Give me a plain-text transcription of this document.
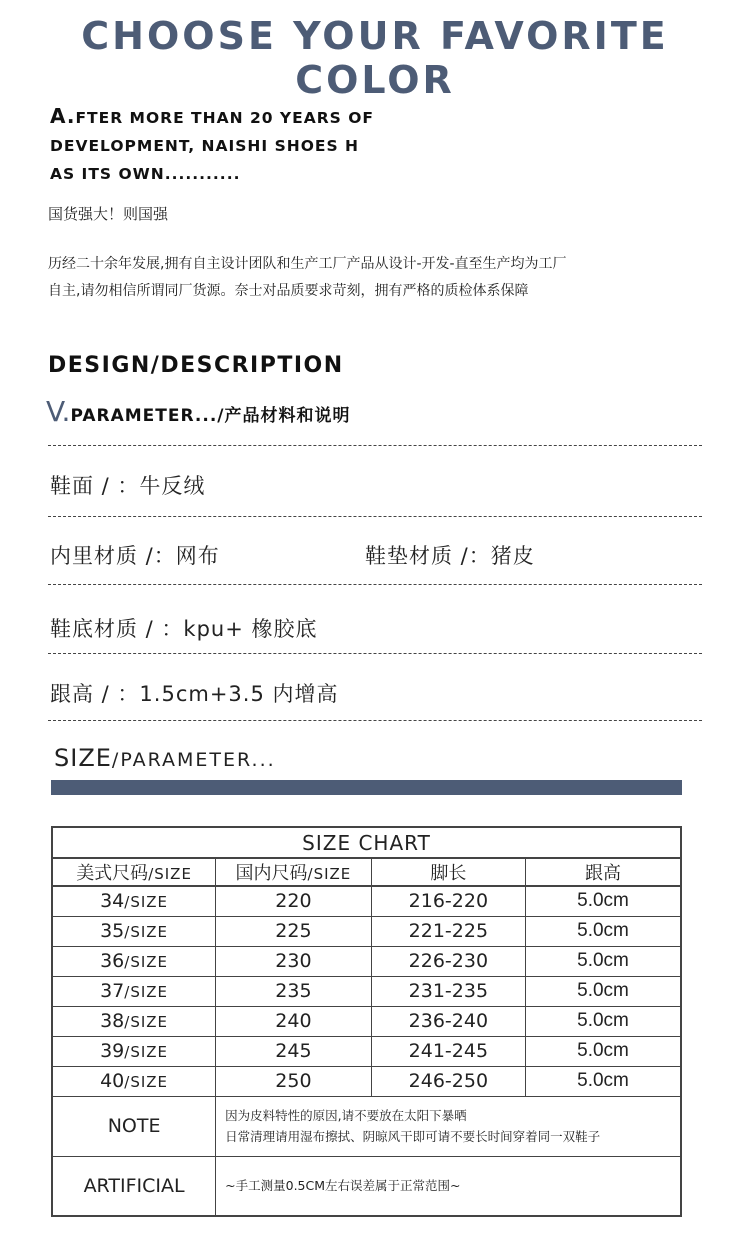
CHOOSE YOUR FAVORITE COLOR
A.FTER MORE THAN 20 YEARS OF
DEVELOPMENT, NAISHI SHOES H
AS ITS OWN...........
国货强大！则国强
历经二十余年发展,拥有自主设计团队和生产工厂产品从设计-开发-直至生产均为工厂
自主,请勿相信所谓同厂货源。奈士对品质要求苛刻，拥有严格的质检体系保障
DESIGN/DESCRIPTION
V.PARAMETER.../产品材料和说明
鞋面 / ：牛反绒
内里材质 /：网布	鞋垫材质 /：猪皮
鞋底材质 / ：kpu+ 橡胶底
跟高 / ：1.5cm+3.5 内增高
SIZE/PARAMETER...
SIZE CHART			
美式尺码/SIZE	国内尺码/SIZE	脚长	跟高
34/SIZE	220	216-220	5.0cm
35/SIZE	225	221-225	5.0cm
36/SIZE	230	226-230	5.0cm
37/SIZE	235	231-235	5.0cm
38/SIZE	240	236-240	5.0cm
39/SIZE	245	241-245	5.0cm
40/SIZE	250	246-250	5.0cm
NOTE	因为皮料特性的原因,请不要放在太阳下暴晒
日常清理请用湿布擦拭、阴晾风干即可请不要长时间穿着同一双鞋子		

ARTIFICIAL	~手工测量0.5CM左右误差属于正常范围~		
